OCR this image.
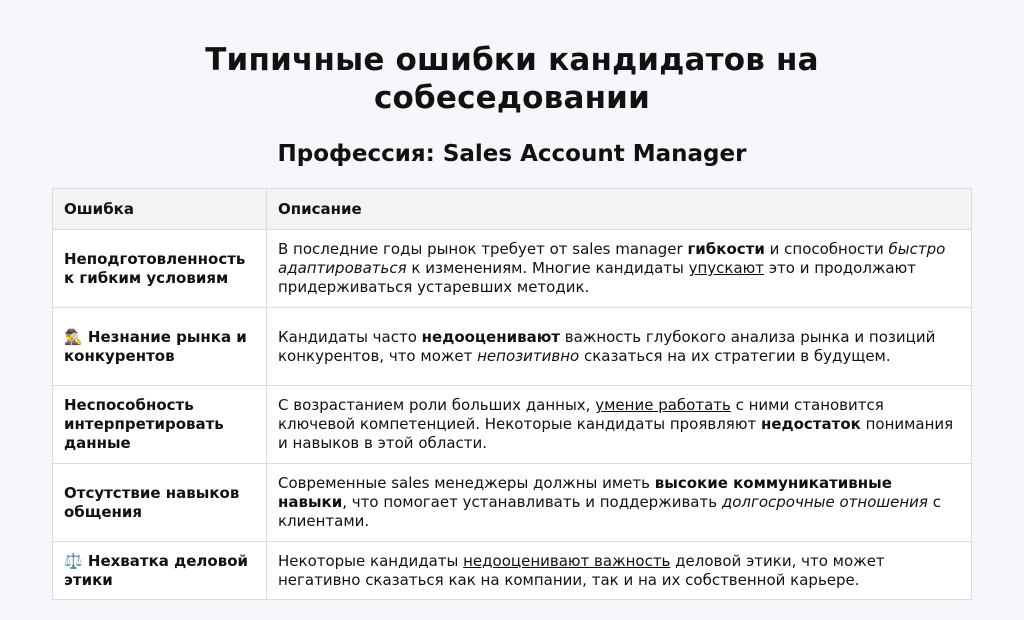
Типичные ошибки кандидатов на
собеседовании
Профессия: Sales Account Manager
Ошибка	Описание
Неподготовленность к гибким условиям	В последние годы рынок требует от sales manager гибкости и способности быстро адаптироваться к изменениям. Многие кандидаты упускают это и продолжают придерживаться устаревших методик.
🕵️‍♂️ Незнание рынка и конкурентов	Кандидаты часто недооценивают важность глубокого анализа рынка и позиций конкурентов, что может непозитивно сказаться на их стратегии в будущем.
Неспособность интерпретировать данные	С возрастанием роли больших данных, умение работать с ними становится ключевой компетенцией. Некоторые кандидаты проявляют недостаток понимания и навыков в этой области.
Отсутствие навыков общения	Современные sales менеджеры должны иметь высокие коммуникативные навыки, что помогает устанавливать и поддерживать долгосрочные отношения с клиентами.
⚖️ Нехватка деловой этики	Некоторые кандидаты недооценивают важность деловой этики, что может негативно сказаться как на компании, так и на их собственной карьере.
